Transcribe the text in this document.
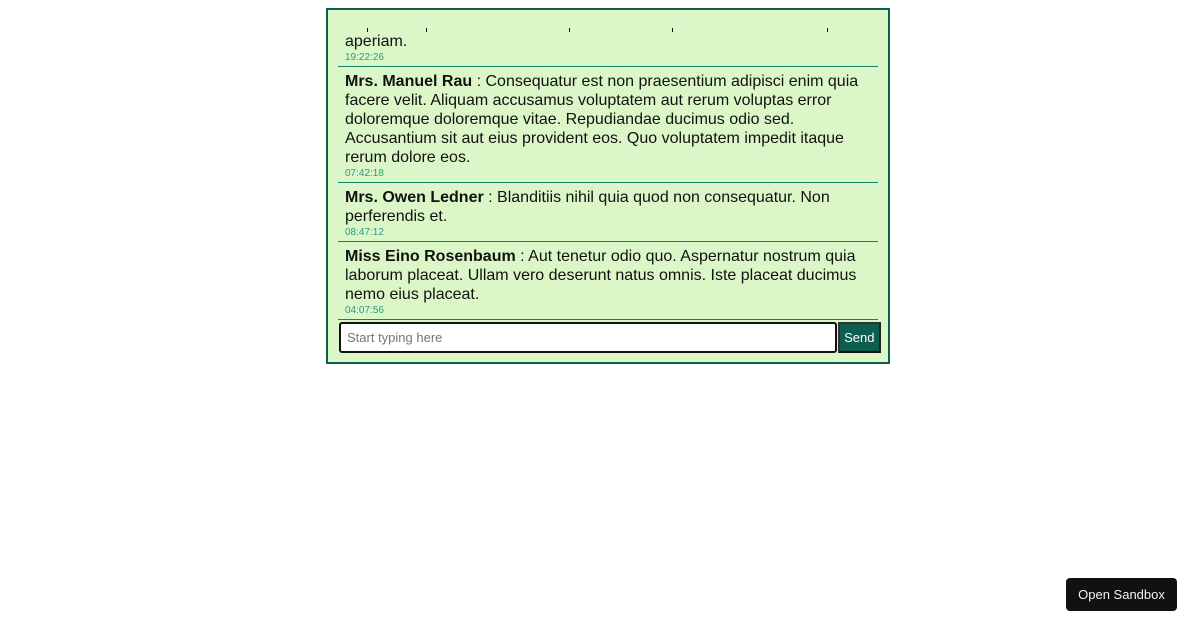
aperiam.
19:22:26
Mrs. Manuel Rau : Consequatur est non praesentium adipisci enim quia facere velit. Aliquam accusamus voluptatem aut rerum voluptas error doloremque doloremque vitae. Repudiandae ducimus odio sed. Accusantium sit aut eius provident eos. Quo voluptatem impedit itaque rerum dolore eos.
07:42:18
Mrs. Owen Ledner : Blanditiis nihil quia quod non consequatur. Non perferendis et.
08:47:12
Miss Eino Rosenbaum : Aut tenetur odio quo. Aspernatur nostrum quia laborum placeat. Ullam vero deserunt natus omnis. Iste placeat ducimus nemo eius placeat.
04:07:56
Start typing here
Send
Open Sandbox
